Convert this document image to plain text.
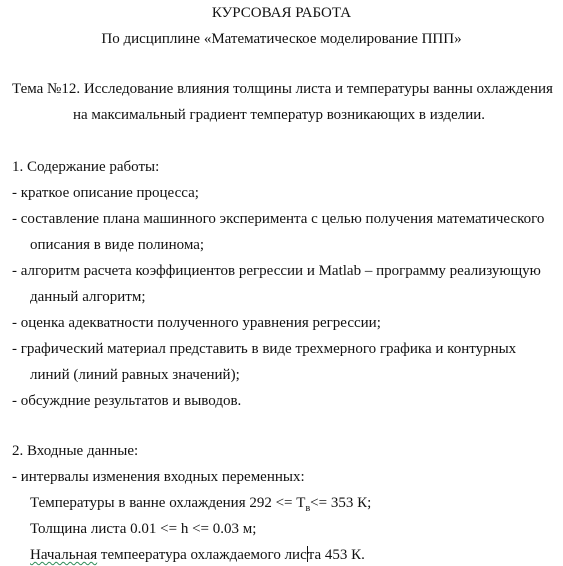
КУРСОВАЯ РАБОТА
По дисциплине «Математическое моделирование ППП»
Тема №12. Исследование влияния толщины листа и температуры ванны охлаждения
на максимальный градиент температур возникающих в изделии.
1. Содержание работы:
- краткое описание процесса;
- составление плана машинного эксперимента с целью получения математического
описания в виде полинома;
- алгоритм расчета коэффициентов регрессии и Matlab – программу реализующую
данный алгоритм;
- оценка адекватности полученного уравнения регрессии;
- графический материал представить в виде трехмерного графика и контурных
линий (линий равных значений);
- обсуждние результатов и выводов.
2. Входные данные:
- интервалы изменения входных переменных:
Температуры в ванне охлаждения $292 <= Т_в<= 353$ К;
Толщина листа 0.01 <= h <= 0.03 м;
Начальная темпеература охлаждаемого листа 453 К.
